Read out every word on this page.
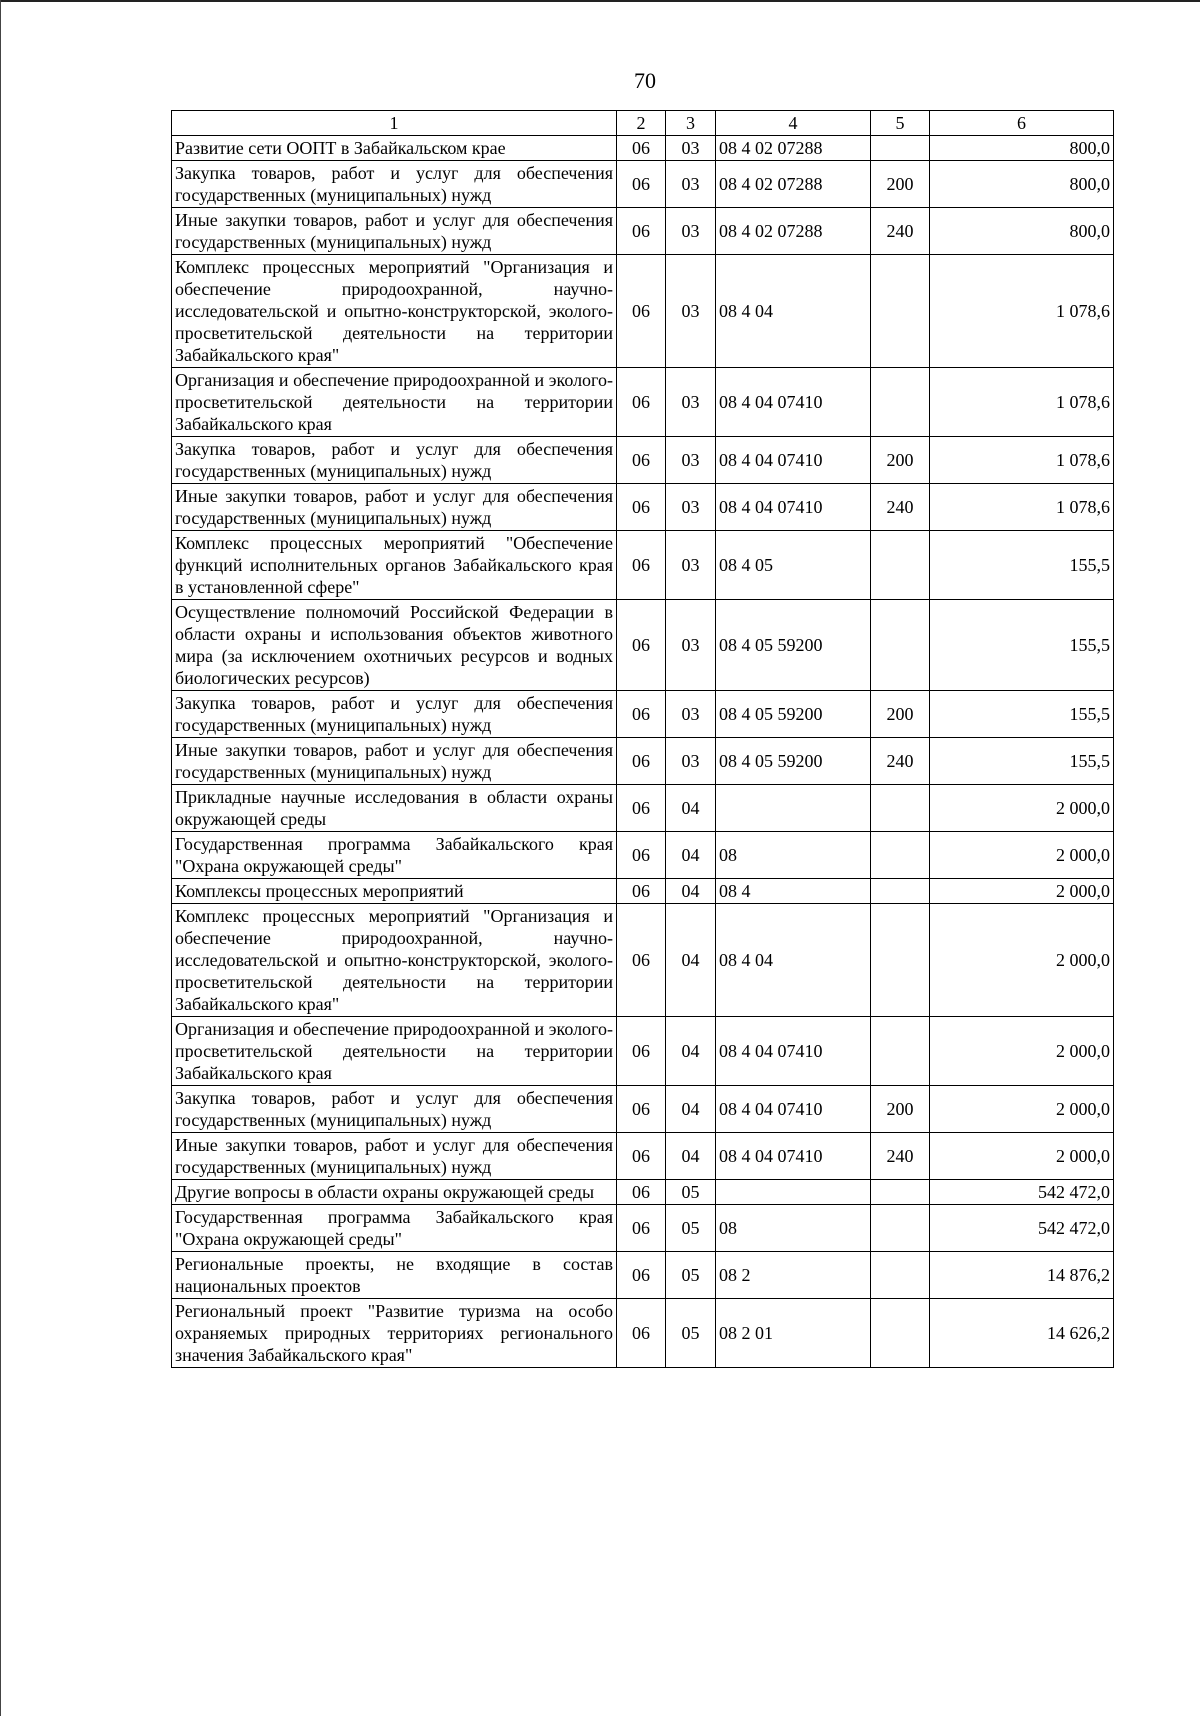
70
1	2	3	4	5	6
Развитие сети ООПТ в Забайкальском крае	06	03	08 4 02 07288		800,0
Закупка товаров, работ и услуг для обеспечения государственных (муниципальных) нужд	06	03	08 4 02 07288	200	800,0
Иные закупки товаров, работ и услуг для обеспечения государственных (муниципальных) нужд	06	03	08 4 02 07288	240	800,0
Комплекс процессных мероприятий "Организация и обеспечение природоохранной, научно-исследовательской и опытно-конструкторской, эколого-просветительской деятельности на территории Забайкальского края"	06	03	08 4 04		1 078,6
Организация и обеспечение природоохранной и эколого-просветительской деятельности на территории Забайкальского края	06	03	08 4 04 07410		1 078,6
Закупка товаров, работ и услуг для обеспечения государственных (муниципальных) нужд	06	03	08 4 04 07410	200	1 078,6
Иные закупки товаров, работ и услуг для обеспечения государственных (муниципальных) нужд	06	03	08 4 04 07410	240	1 078,6
Комплекс процессных мероприятий "Обеспечение функций исполнительных органов Забайкальского края в установленной сфере"	06	03	08 4 05		155,5
Осуществление полномочий Российской Федерации в области охраны и использования объектов животного мира (за исключением охотничьих ресурсов и водных биологических ресурсов)	06	03	08 4 05 59200		155,5
Закупка товаров, работ и услуг для обеспечения государственных (муниципальных) нужд	06	03	08 4 05 59200	200	155,5
Иные закупки товаров, работ и услуг для обеспечения государственных (муниципальных) нужд	06	03	08 4 05 59200	240	155,5
Прикладные научные исследования в области охраны окружающей среды	06	04			2 000,0
Государственная программа Забайкальского края "Охрана окружающей среды"	06	04	08		2 000,0
Комплексы процессных мероприятий	06	04	08 4		2 000,0
Комплекс процессных мероприятий "Организация и обеспечение природоохранной, научно-исследовательской и опытно-конструкторской, эколого-просветительской деятельности на территории Забайкальского края"	06	04	08 4 04		2 000,0
Организация и обеспечение природоохранной и эколого-просветительской деятельности на территории Забайкальского края	06	04	08 4 04 07410		2 000,0
Закупка товаров, работ и услуг для обеспечения государственных (муниципальных) нужд	06	04	08 4 04 07410	200	2 000,0
Иные закупки товаров, работ и услуг для обеспечения государственных (муниципальных) нужд	06	04	08 4 04 07410	240	2 000,0
Другие вопросы в области охраны окружающей среды	06	05			542 472,0
Государственная программа Забайкальского края "Охрана окружающей среды"	06	05	08		542 472,0
Региональные проекты, не входящие в состав национальных проектов	06	05	08 2		14 876,2
Региональный проект "Развитие туризма на особо охраняемых природных территориях регионального значения Забайкальского края"	06	05	08 2 01		14 626,2
